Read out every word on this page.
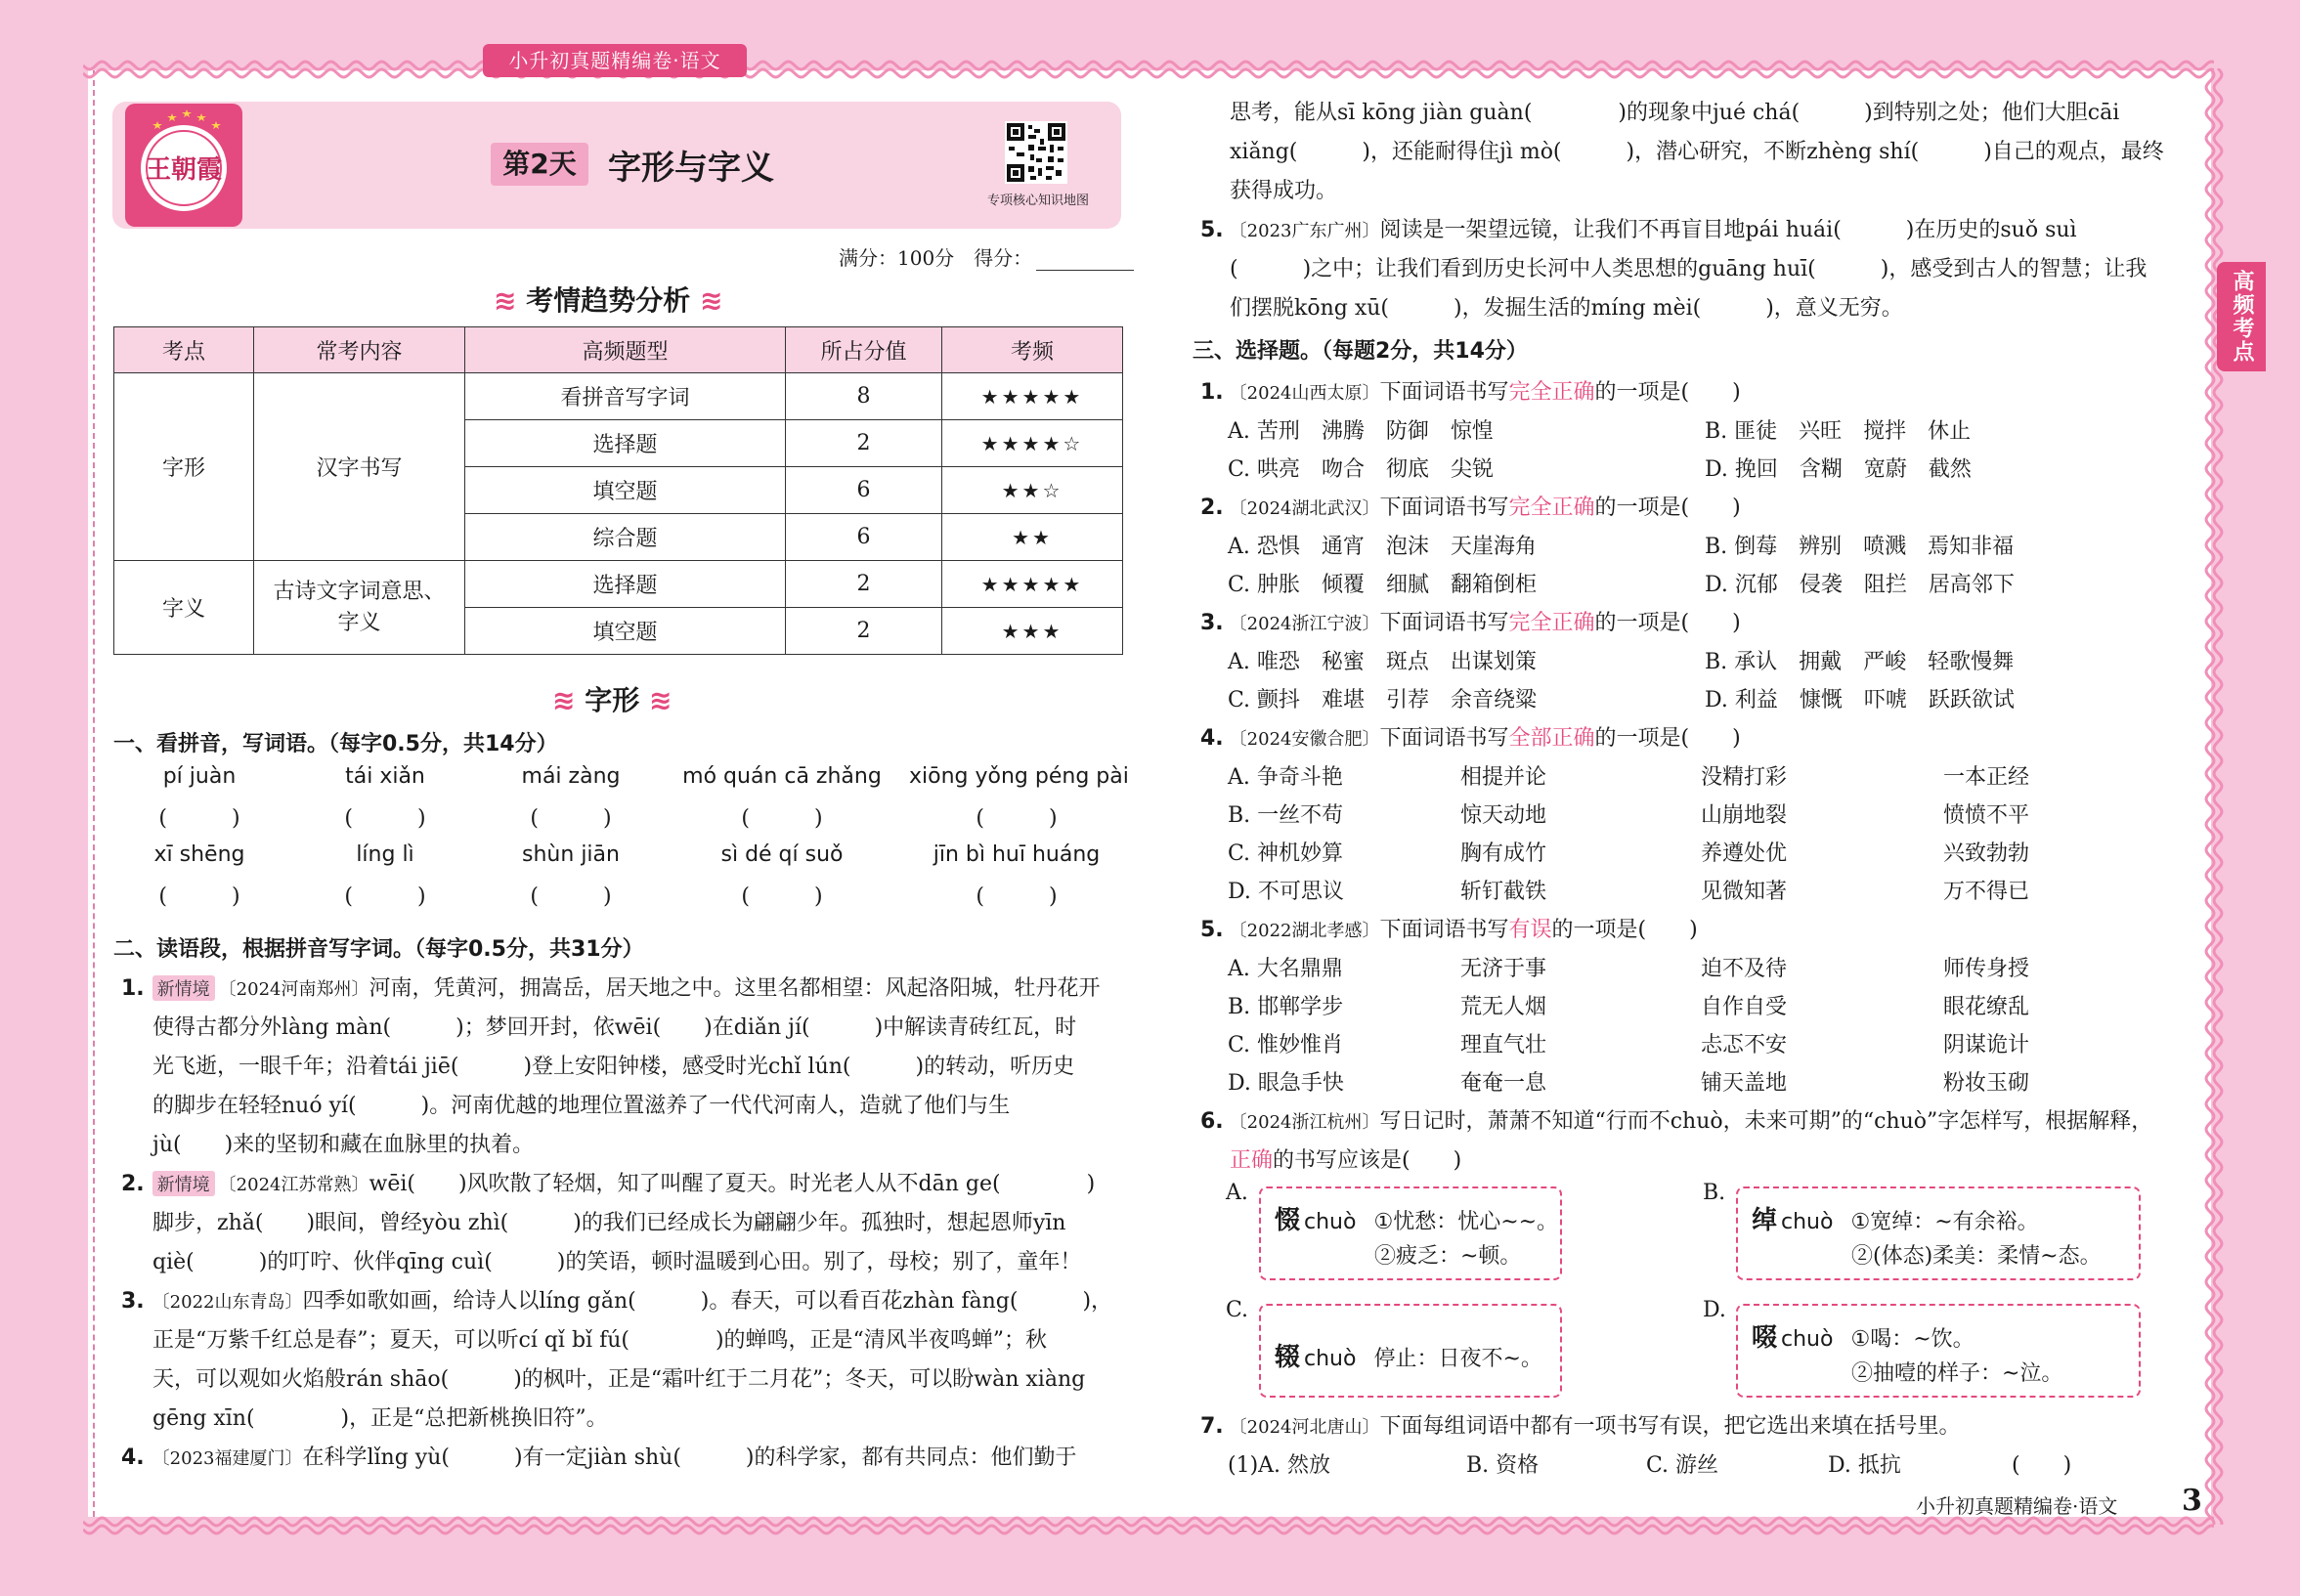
小升初真题精编卷·语文
高频考点
王朝霞	第2天 字形与字义
专项核心知识地图
满分：100分　得分：
≋ 考情趋势分析 ≋
考点	常考内容	高频题型	所占分值	考频
字形	汉字书写	看拼音写字词	8	★★★★★
		选择题	2	★★★★☆
		填空题	6	★★☆
		综合题	6	★★
字义	古诗文字词意思、字义	选择题	2	★★★★★
		填空题	2	★★★
≋ 字形 ≋
一、看拼音，写词语。（每字0.5分，共14分）
pí juàn
(　　　)
tái xiǎn
(　　　)
mái zàng
(　　　)
mó quán cā zhǎng
(　　　)
xiōng yǒng péng pài
(　　　)
xī shēng
(　　　)
líng lì
(　　　)
shùn jiān
(　　　)
sì dé qí suǒ
(　　　)
jīn bì huī huáng
(　　　)
二、读语段，根据拼音写字词。（每字0.5分，共31分）
1. 新情境 〔2024河南郑州〕河南，凭黄河，拥嵩岳，居天地之中。这里名都相望：风起洛阳城，牡丹花开
使得古都分外làng màn(　　　)；梦回开封，依wēi(　　)在diǎn jí(　　　)中解读青砖红瓦，时
光飞逝，一眼千年；沿着tái jiē(　　　)登上安阳钟楼，感受时光chǐ lún(　　　)的转动，听历史
的脚步在轻轻nuó yí(　　　)。河南优越的地理位置滋养了一代代河南人，造就了他们与生
jù(　　)来的坚韧和藏在血脉里的执着。
2. 新情境 〔2024江苏常熟〕wēi(　　)风吹散了轻烟，知了叫醒了夏天。时光老人从不dān ge(　　　　)
脚步，zhǎ(　　)眼间，曾经yòu zhì(　　　)的我们已经成长为翩翩少年。孤独时，想起恩师yīn
qiè(　　　)的叮咛、伙伴qīng cuì(　　　)的笑语，顿时温暖到心田。别了，母校；别了，童年！
3. 〔2022山东青岛〕四季如歌如画，给诗人以líng gǎn(　　　)。春天，可以看百花zhàn fàng(　　　)，
正是“万紫千红总是春”；夏天，可以听cí qǐ bǐ fú(　　　　)的蝉鸣，正是“清风半夜鸣蝉”；秋
天，可以观如火焰般rán shāo(　　　)的枫叶，正是“霜叶红于二月花”；冬天，可以盼wàn xiàng
gēng xīn(　　　　)，正是“总把新桃换旧符”。
4. 〔2023福建厦门〕在科学lǐng yù(　　　)有一定jiàn shù(　　　)的科学家，都有共同点：他们勤于
思考，能从sī kōng jiàn guàn(　　　　)的现象中jué chá(　　　)到特别之处；他们大胆cāi
xiǎng(　　　)，还能耐得住jì mò(　　　)，潜心研究，不断zhèng shí(　　　)自己的观点，最终
获得成功。
5. 〔2023广东广州〕阅读是一架望远镜，让我们不再盲目地pái huái(　　　)在历史的suǒ suì
(　　　)之中；让我们看到历史长河中人类思想的guāng huī(　　　)，感受到古人的智慧；让我
们摆脱kōng xū(　　　)，发掘生活的míng mèi(　　　)，意义无穷。
三、选择题。（每题2分，共14分）
1. 〔2024山西太原〕下面词语书写完全正确的一项是(　　)
A. 苦刑　沸腾　防御　惊惶	B. 匪徒　兴旺　搅拌　休止
C. 哄亮　吻合　彻底　尖锐	D. 挽回　含糊　宽蔚　截然
2. 〔2024湖北武汉〕下面词语书写完全正确的一项是(　　)
A. 恐惧　通宵　泡沫　天崖海角	B. 倒莓　辨别　喷溅　焉知非福
C. 肿胀　倾覆　细腻　翻箱倒柜	D. 沉郁　侵袭　阻拦　居高邻下
3. 〔2024浙江宁波〕下面词语书写完全正确的一项是(　　)
A. 唯恐　秘蜜　斑点　出谋划策	B. 承认　拥戴　严峻　轻歌慢舞
C. 颤抖　难堪　引荐　余音绕粱	D. 利益　慷慨　吓唬　跃跃欲试
4. 〔2024安徽合肥〕下面词语书写全部正确的一项是(　　)
A. 争奇斗艳	相提并论	没精打彩	一本正经
B. 一丝不苟	惊天动地	山崩地裂	愤愤不平
C. 神机妙算	胸有成竹	养遵处优	兴致勃勃
D. 不可思议	斩钉截铁	见微知著	万不得已
5. 〔2022湖北孝感〕下面词语书写有误的一项是(　　)
A. 大名鼎鼎	无济于事	迫不及待	师传身授
B. 邯郸学步	荒无人烟	自作自受	眼花缭乱
C. 惟妙惟肖	理直气壮	忐忑不安	阴谋诡计
D. 眼急手快	奄奄一息	铺天盖地	粉妆玉砌
6. 〔2024浙江杭州〕写日记时，萧萧不知道“行而不chuò，未来可期”的“chuò”字怎样写，根据解释，
正确的书写应该是(　　)
A.
惙 chuò ①忧愁：忧心~~。
②疲乏：~顿。
B.
绰 chuò ①宽绰：~有余裕。
②(体态)柔美：柔情~态。
C.
辍 chuò 停止：日夜不~。
D.
啜 chuò ①喝：~饮。
②抽噎的样子：~泣。
7. 〔2024河北唐山〕下面每组词语中都有一项书写有误，把它选出来填在括号里。
(1)A. 然放	B. 资格	C. 游丝	D. 抵抗	(　　)
小升初真题精编卷·语文 3
